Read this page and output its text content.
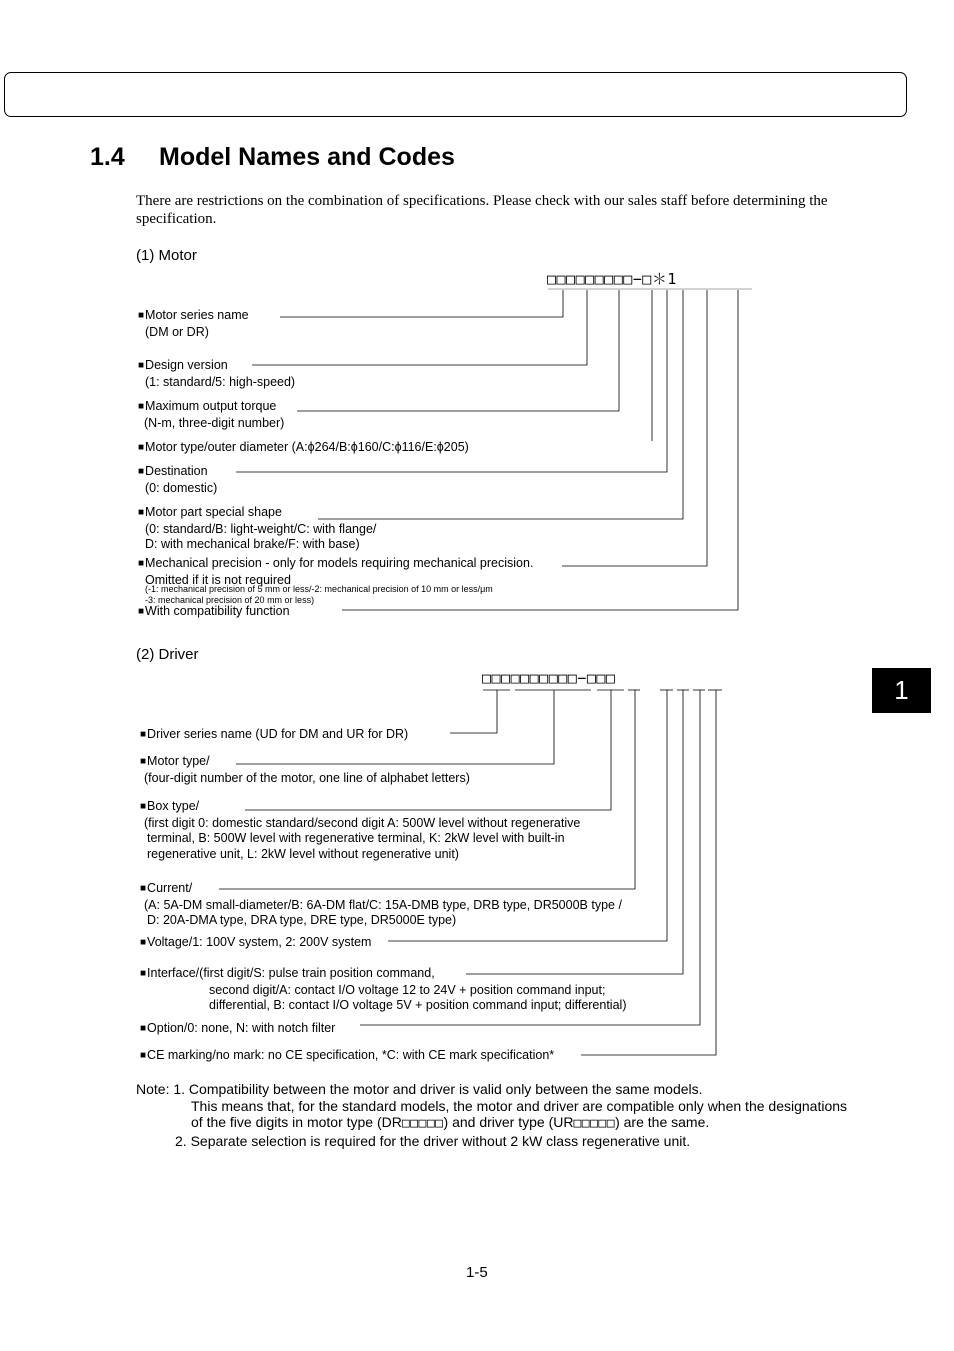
1.4 Model Names and Codes
There are restrictions on the combination of specifications. Please check with our sales staff before determining the specification.
(1) Motor
□□□□□□□□□−□＊1
■Motor series name
(DM or DR)
■Design version
(1: standard/5: high-speed)
■Maximum output torque
(N-m, three-digit number)
■Motor type/outer diameter (A:ϕ264/B:ϕ160/C:ϕ116/E:ϕ205)
■Destination
(0: domestic)
■Motor part special shape
(0: standard/B: light-weight/C: with flange/
D: with mechanical brake/F: with base)
■Mechanical precision - only for models requiring mechanical precision.
Omitted if it is not required
(-1: mechanical precision of 5 mm or less/-2: mechanical precision of 10 mm or less/μm
-3: mechanical precision of 20 mm or less)
■With compatibility function
(2) Driver
□□□□□□□□□□−□□□
■Driver series name (UD for DM and UR for DR)
■Motor type/
(four-digit number of the motor, one line of alphabet letters)
■Box type/
(first digit 0: domestic standard/second digit A: 500W level without regenerative
terminal, B: 500W level with regenerative terminal, K: 2kW level with built-in
regenerative unit, L: 2kW level without regenerative unit)
■Current/
(A: 5A-DM small-diameter/B: 6A-DM flat/C: 15A-DMB type, DRB type, DR5000B type /
D: 20A-DMA type, DRA type, DRE type, DR5000E type)
■Voltage/1: 100V system, 2: 200V system
■Interface/(first digit/S: pulse train position command,
second digit/A: contact I/O voltage 12 to 24V + position command input;
differential, B: contact I/O voltage 5V + position command input; differential)
■Option/0: none, N: with notch filter
■CE marking/no mark: no CE specification, *C: with CE mark specification*
1
Note: 1. Compatibility between the motor and driver is valid only between the same models.
This means that, for the standard models, the motor and driver are compatible only when the designations
of the five digits in motor type (DR□□□□□) and driver type (UR□□□□□) are the same.
2. Separate selection is required for the driver without 2 kW class regenerative unit.
1-5
